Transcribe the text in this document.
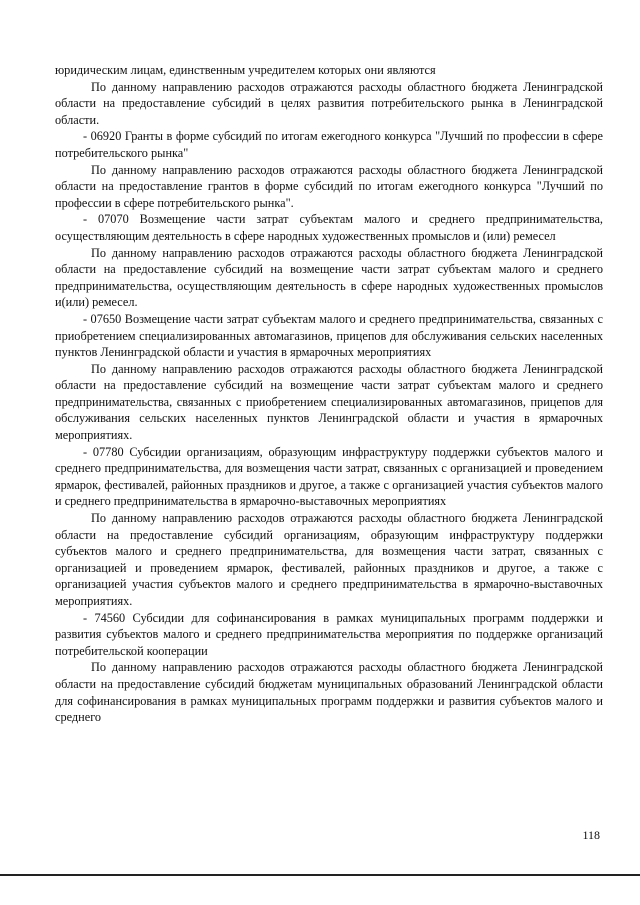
юридическим лицам, единственным учредителем которых они являются

По данному направлению расходов отражаются расходы областного бюджета Ленинградской области на предоставление субсидий в целях развития потребительского рынка в Ленинградской области.

- 06920 Гранты в форме субсидий по итогам ежегодного конкурса "Лучший по профессии в сфере потребительского рынка"

По данному направлению расходов отражаются расходы областного бюджета Ленинградской области на предоставление грантов в форме субсидий по итогам ежегодного конкурса "Лучший по профессии в сфере потребительского рынка".

- 07070 Возмещение части затрат субъектам малого и среднего предпринимательства, осуществляющим деятельность в сфере народных художественных промыслов и (или) ремесел

По данному направлению расходов отражаются расходы областного бюджета Ленинградской области на предоставление субсидий на возмещение части затрат субъектам малого и среднего предпринимательства, осуществляющим деятельность в сфере народных художественных промыслов и(или) ремесел.

- 07650 Возмещение части затрат субъектам малого и среднего предпринимательства, связанных с приобретением специализированных автомагазинов, прицепов для обслуживания сельских населенных пунктов Ленинградской области и участия в ярмарочных мероприятиях

По данному направлению расходов отражаются расходы областного бюджета Ленинградской области на предоставление субсидий на возмещение части затрат субъектам малого и среднего предпринимательства, связанных с приобретением специализированных автомагазинов, прицепов для обслуживания сельских населенных пунктов Ленинградской области и участия в ярмарочных мероприятиях.

- 07780 Субсидии организациям, образующим инфраструктуру поддержки субъектов малого и среднего предпринимательства, для возмещения части затрат, связанных с организацией и проведением ярмарок, фестивалей, районных праздников и другое, а также с организацией участия субъектов малого и среднего предпринимательства в ярмарочно-выставочных мероприятиях

По данному направлению расходов отражаются расходы областного бюджета Ленинградской области на предоставление субсидий организациям, образующим инфраструктуру поддержки субъектов малого и среднего предпринимательства, для возмещения части затрат, связанных с организацией и проведением ярмарок, фестивалей, районных праздников и другое, а также с организацией участия субъектов малого и среднего предпринимательства в ярмарочно-выставочных мероприятиях.

- 74560 Субсидии для софинансирования в рамках муниципальных программ поддержки и развития субъектов малого и среднего предпринимательства мероприятия по поддержке организаций потребительской кооперации

По данному направлению расходов отражаются расходы областного бюджета Ленинградской области на предоставление субсидий бюджетам муниципальных образований Ленинградской области для софинансирования в рамках муниципальных программ поддержки и развития субъектов малого и среднего

118
